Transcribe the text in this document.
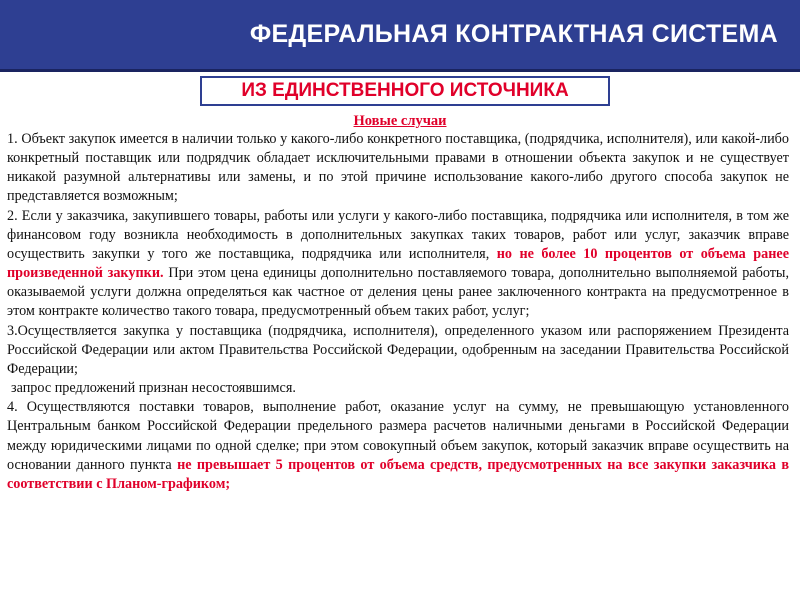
ФЕДЕРАЛЬНАЯ КОНТРАКТНАЯ СИСТЕМА
ИЗ ЕДИНСТВЕННОГО ИСТОЧНИКА
Новые случаи

1. Объект закупок имеется в наличии только у какого-либо конкретного поставщика, (подрядчика, исполнителя), или какой-либо конкретный поставщик или подрядчик обладает исключительными правами в отношении объекта закупок и не существует никакой разумной альтернативы или замены, и по этой причине использование какого-либо другого способа закупок не представляется возможным;

2. Если у заказчика, закупившего товары, работы или услуги у какого-либо поставщика, подрядчика или исполнителя, в том же финансовом году возникла необходимость в дополнительных закупках таких товаров, работ или услуг, заказчик вправе осуществить закупки у того же поставщика, подрядчика или исполнителя, но не более 10 процентов от объема ранее произведенной закупки. При этом цена единицы дополнительно поставляемого товара, дополнительно выполняемой работы, оказываемой услуги должна определяться как частное от деления цены ранее заключенного контракта на предусмотренное в этом контракте количество такого товара, предусмотренный объем таких работ, услуг;

3.Осуществляется закупка у поставщика (подрядчика, исполнителя), определенного указом или распоряжением Президента Российской Федерации или актом Правительства Российской Федерации, одобренным на заседании Правительства Российской Федерации;

запрос предложений признан несостоявшимся.

4. Осуществляются поставки товаров, выполнение работ, оказание услуг на сумму, не превышающую установленного Центральным банком Российской Федерации предельного размера расчетов наличными деньгами в Российской Федерации между юридическими лицами по одной сделке; при этом совокупный объем закупок, который заказчик вправе осуществить на основании данного пункта не превышает 5 процентов от объема средств, предусмотренных на все закупки заказчика в соответствии с Планом-графиком;
